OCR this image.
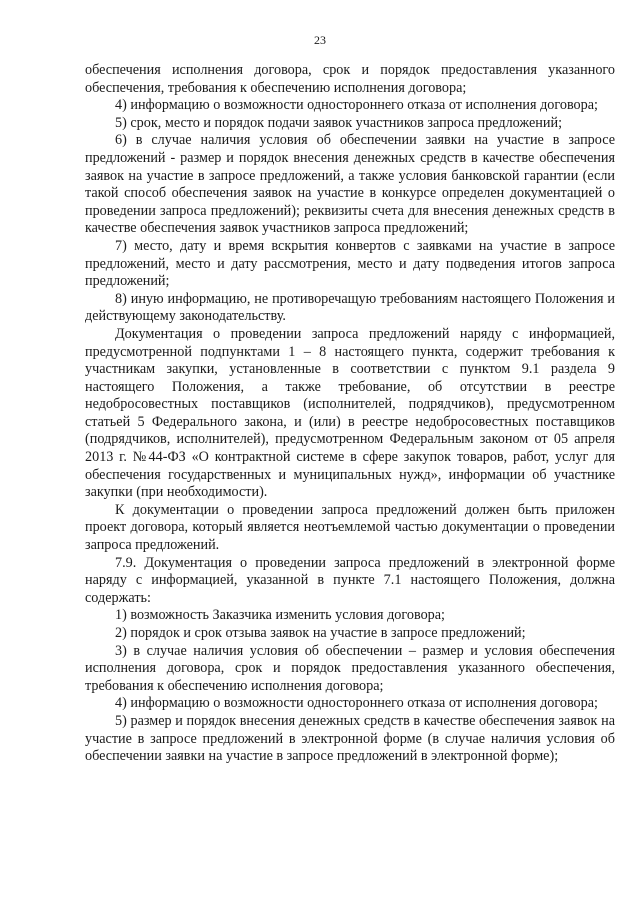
23

обеспечения исполнения договора, срок и порядок предоставления указанного обеспечения, требования к обеспечению исполнения договора;

4) информацию о возможности одностороннего отказа от исполнения договора;

5) срок, место и порядок подачи заявок участников запроса предложений;

6) в случае наличия условия об обеспечении заявки на участие в запросе предложений - размер и порядок внесения денежных средств в качестве обеспечения заявок на участие в запросе предложений, а также условия банковской гарантии (если такой способ обеспечения заявок на участие в конкурсе определен документацией о проведении запроса предложений); реквизиты счета для внесения денежных средств в качестве обеспечения заявок участников запроса предложений;

7) место, дату и время вскрытия конвертов с заявками на участие в запросе предложений, место и дату рассмотрения, место и дату подведения итогов запроса предложений;

8) иную информацию, не противоречащую требованиям настоящего Положения и действующему законодательству.

Документация о проведении запроса предложений наряду с информацией, предусмотренной подпунктами 1 – 8 настоящего пункта, содержит требования к участникам закупки, установленные в соответствии с пунктом 9.1 раздела 9 настоящего Положения, а также требование, об отсутствии в реестре недобросовестных поставщиков (исполнителей, подрядчиков), предусмотренном статьей 5 Федерального закона, и (или) в реестре недобросовестных поставщиков (подрядчиков, исполнителей), предусмотренном Федеральным законом от 05 апреля 2013 г. №44-ФЗ «О контрактной системе в сфере закупок товаров, работ, услуг для обеспечения государственных и муниципальных нужд», информации об участнике закупки (при необходимости).

К документации о проведении запроса предложений должен быть приложен проект договора, который является неотъемлемой частью документации о проведении запроса предложений.

7.9. Документация о проведении запроса предложений в электронной форме наряду с информацией, указанной в пункте 7.1 настоящего Положения, должна содержать:

1) возможность Заказчика изменить условия договора;

2) порядок и срок отзыва заявок на участие в запросе предложений;

3) в случае наличия условия об обеспечении – размер и условия обеспечения исполнения договора, срок и порядок предоставления указанного обеспечения, требования к обеспечению исполнения договора;

4) информацию о возможности одностороннего отказа от исполнения договора;

5) размер и порядок внесения денежных средств в качестве обеспечения заявок на участие в запросе предложений в электронной форме (в случае наличия условия об обеспечении заявки на участие в запросе предложений в электронной форме);
